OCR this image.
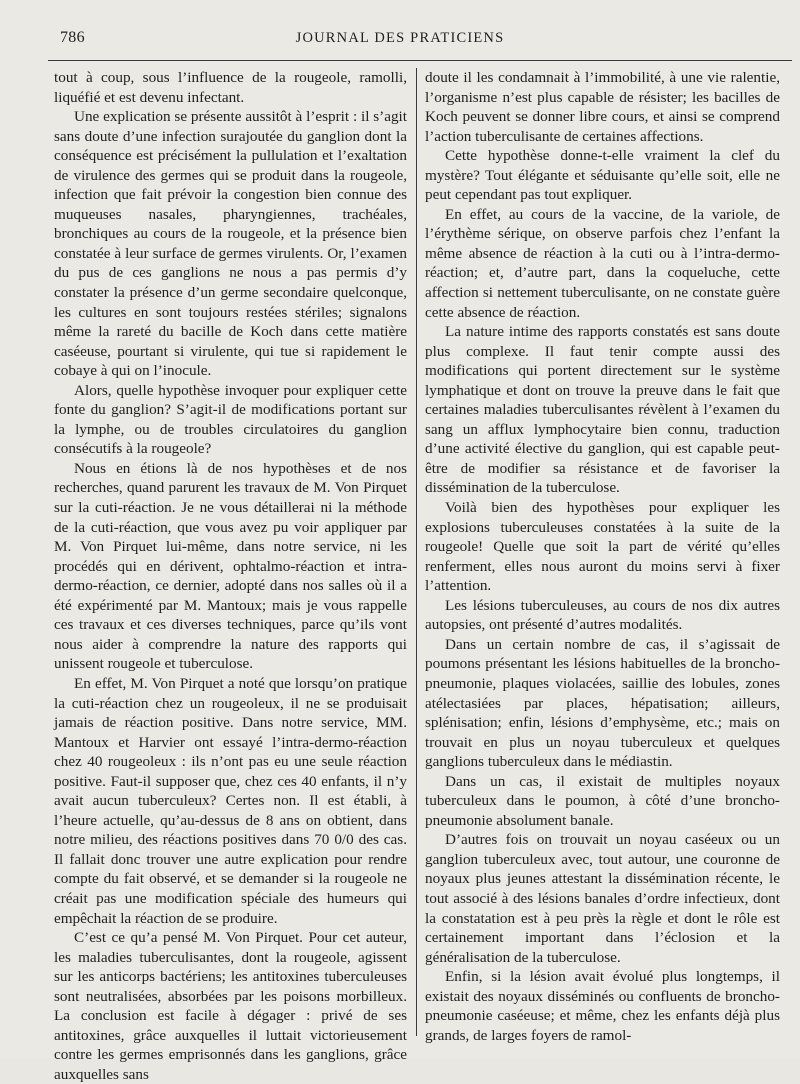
786	JOURNAL DES PRATICIENS

tout à coup, sous l’influence de la rougeole, ramolli, liquéfié et est devenu infectant.

Une explication se présente aussitôt à l’esprit : il s’agit sans doute d’une infection surajoutée du ganglion dont la conséquence est précisément la pullulation et l’exaltation de virulence des germes qui se produit dans la rougeole, infection que fait prévoir la congestion bien connue des muqueuses nasales, pharyngiennes, trachéales, bronchiques au cours de la rougeole, et la présence bien constatée à leur surface de germes virulents. Or, l’examen du pus de ces ganglions ne nous a pas permis d’y constater la présence d’un germe secondaire quelconque, les cultures en sont toujours restées stériles; signalons même la rareté du bacille de Koch dans cette matière caséeuse, pourtant si virulente, qui tue si rapidement le cobaye à qui on l’inocule.

Alors, quelle hypothèse invoquer pour expliquer cette fonte du ganglion? S’agit-il de modifications portant sur la lymphe, ou de troubles circulatoires du ganglion consécutifs à la rougeole?

Nous en étions là de nos hypothèses et de nos recherches, quand parurent les travaux de M. Von Pirquet sur la cuti-réaction. Je ne vous détaillerai ni la méthode de la cuti-réaction, que vous avez pu voir appliquer par M. Von Pirquet lui-même, dans notre service, ni les procédés qui en dérivent, ophtalmo-réaction et intra-dermo-réaction, ce dernier, adopté dans nos salles où il a été expérimenté par M. Mantoux; mais je vous rappelle ces travaux et ces diverses techniques, parce qu’ils vont nous aider à comprendre la nature des rapports qui unissent rougeole et tuberculose.

En effet, M. Von Pirquet a noté que lorsqu’on pratique la cuti-réaction chez un rougeoleux, il ne se produisait jamais de réaction positive. Dans notre service, MM. Mantoux et Harvier ont essayé l’intra-dermo-réaction chez 40 rougeoleux : ils n’ont pas eu une seule réaction positive. Faut-il supposer que, chez ces 40 enfants, il n’y avait aucun tuberculeux? Certes non. Il est établi, à l’heure actuelle, qu’au-dessus de 8 ans on obtient, dans notre milieu, des réactions positives dans 70 0/0 des cas. Il fallait donc trouver une autre explication pour rendre compte du fait observé, et se demander si la rougeole ne créait pas une modification spéciale des humeurs qui empêchait la réaction de se produire.

C’est ce qu’a pensé M. Von Pirquet. Pour cet auteur, les maladies tuberculisantes, dont la rougeole, agissent sur les anticorps bactériens; les antitoxines tuberculeuses sont neutralisées, absorbées par les poisons morbilleux. La conclusion est facile à dégager : privé de ses antitoxines, grâce auxquelles il luttait victorieusement contre les germes emprisonnés dans les ganglions, grâce auxquelles sans

doute il les condamnait à l’immobilité, à une vie ralentie, l’organisme n’est plus capable de résister; les bacilles de Koch peuvent se donner libre cours, et ainsi se comprend l’action tuberculisante de certaines affections.

Cette hypothèse donne-t-elle vraiment la clef du mystère? Tout élégante et séduisante qu’elle soit, elle ne peut cependant pas tout expliquer.

En effet, au cours de la vaccine, de la variole, de l’érythème sérique, on observe parfois chez l’enfant la même absence de réaction à la cuti ou à l’intra-dermo-réaction; et, d’autre part, dans la coqueluche, cette affection si nettement tuberculisante, on ne constate guère cette absence de réaction.

La nature intime des rapports constatés est sans doute plus complexe. Il faut tenir compte aussi des modifications qui portent directement sur le système lymphatique et dont on trouve la preuve dans le fait que certaines maladies tuberculisantes révèlent à l’examen du sang un afflux lymphocytaire bien connu, traduction d’une activité élective du ganglion, qui est capable peut-être de modifier sa résistance et de favoriser la dissémination de la tuberculose.

Voilà bien des hypothèses pour expliquer les explosions tuberculeuses constatées à la suite de la rougeole! Quelle que soit la part de vérité qu’elles renferment, elles nous auront du moins servi à fixer l’attention.

Les lésions tuberculeuses, au cours de nos dix autres autopsies, ont présenté d’autres modalités.

Dans un certain nombre de cas, il s’agissait de poumons présentant les lésions habituelles de la broncho-pneumonie, plaques violacées, saillie des lobules, zones atélectasiées par places, hépatisation; ailleurs, splénisation; enfin, lésions d’emphysème, etc.; mais on trouvait en plus un noyau tuberculeux et quelques ganglions tuberculeux dans le médiastin.

Dans un cas, il existait de multiples noyaux tuberculeux dans le poumon, à côté d’une broncho-pneumonie absolument banale.

D’autres fois on trouvait un noyau caséeux ou un ganglion tuberculeux avec, tout autour, une couronne de noyaux plus jeunes attestant la dissémination récente, le tout associé à des lésions banales d’ordre infectieux, dont la constatation est à peu près la règle et dont le rôle est certainement important dans l’éclosion et la généralisation de la tuberculose.

Enfin, si la lésion avait évolué plus longtemps, il existait des noyaux disséminés ou confluents de broncho-pneumonie caséeuse; et même, chez les enfants déjà plus grands, de larges foyers de ramol-
